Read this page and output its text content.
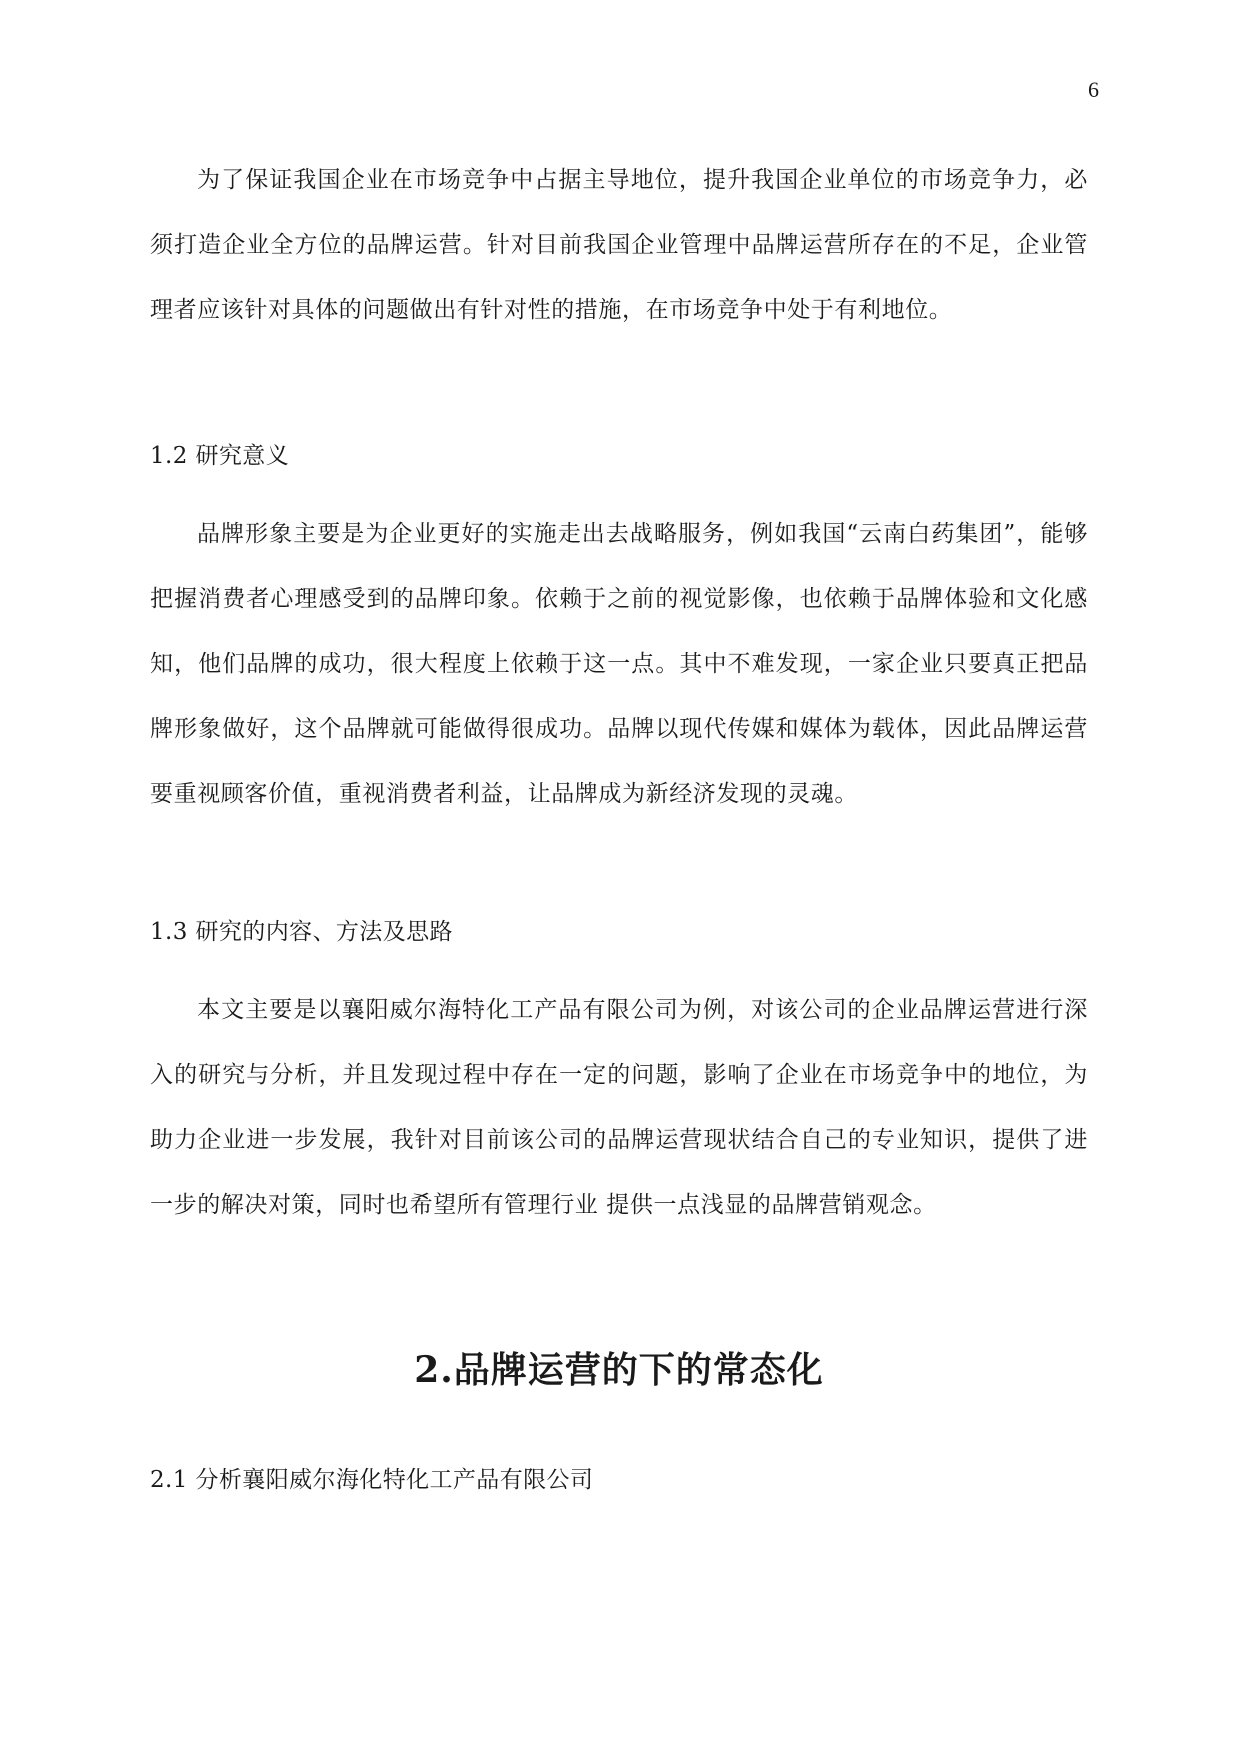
6

为了保证我国企业在市场竞争中占据主导地位，提升我国企业单位的市场竞争力，必须打造企业全方位的品牌运营。针对目前我国企业管理中品牌运营所存在的不足，企业管理者应该针对具体的问题做出有针对性的措施，在市场竞争中处于有利地位。

1.2 研究意义

品牌形象主要是为企业更好的实施走出去战略服务，例如我国“云南白药集团”，能够把握消费者心理感受到的品牌印象。依赖于之前的视觉影像，也依赖于品牌体验和文化感知，他们品牌的成功，很大程度上依赖于这一点。其中不难发现，一家企业只要真正把品牌形象做好，这个品牌就可能做得很成功。品牌以现代传媒和媒体为载体，因此品牌运营要重视顾客价值，重视消费者利益，让品牌成为新经济发现的灵魂。

1.3 研究的内容、方法及思路

本文主要是以襄阳威尔海特化工产品有限公司为例，对该公司的企业品牌运营进行深入的研究与分析，并且发现过程中存在一定的问题，影响了企业在市场竞争中的地位，为助力企业进一步发展，我针对目前该公司的品牌运营现状结合自己的专业知识，提供了进一步的解决对策，同时也希望所有管理行业 提供一点浅显的品牌营销观念。

2.品牌运营的下的常态化
2.1 分析襄阳威尔海化特化工产品有限公司
